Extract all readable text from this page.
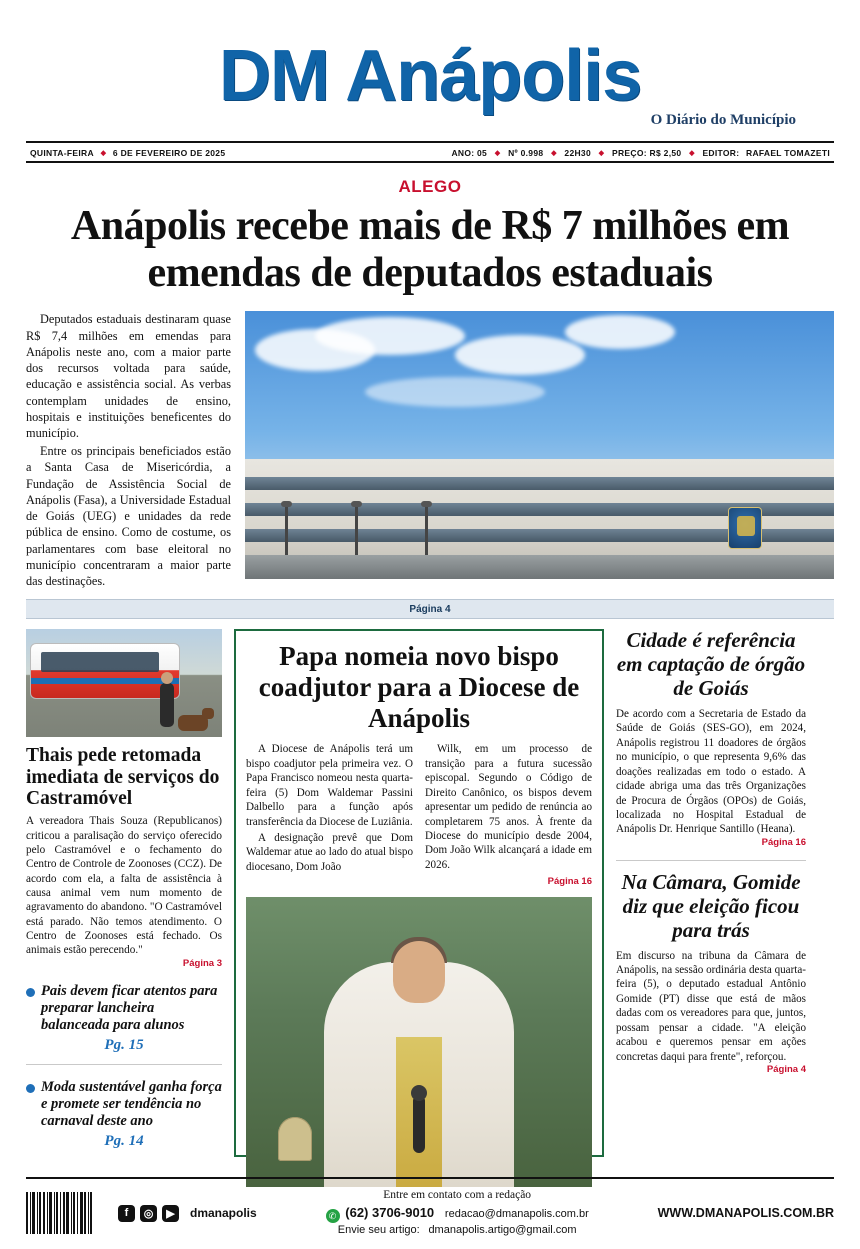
DM Anápolis
O Diário do Município
QUINTA-FEIRA ◆ 6 DE FEVEREIRO DE 2025	ANO: 05 ◆ Nº 0.998 ◆ 22H30 ◆ PREÇO: R$ 2,50 ◆ EDITOR: RAFAEL TOMAZETI
ALEGO
Anápolis recebe mais de R$ 7 milhões em emendas de deputados estaduais

Deputados estaduais destinaram quase R$ 7,4 milhões em emendas para Anápolis neste ano, com a maior parte dos recursos voltada para saúde, educação e assistência social. As verbas contemplam unidades de ensino, hospitais e instituições beneficentes do município.

Entre os principais beneficiados estão a Santa Casa de Misericórdia, a Fundação de Assistência Social de Anápolis (Fasa), a Universidade Estadual de Goiás (UEG) e unidades da rede pública de ensino. Como de costume, os parlamentares com base eleitoral no município concentraram a maior parte das destinações.

Página 4
Thais pede retomada imediata de serviços do Castramóvel
A vereadora Thais Souza (Republicanos) criticou a paralisação do serviço oferecido pelo Castramóvel e o fechamento do Centro de Controle de Zoonoses (CCZ). De acordo com ela, a falta de assistência à causa animal vem num momento de agravamento do abandono. "O Castramóvel está parado. Não temos atendimento. O Centro de Zoonoses está fechado. Os animais estão perecendo."
Página 3
Pais devem ficar atentos para preparar lancheira balanceada para alunos
Pg. 15
Moda sustentável ganha força e promete ser tendência no carnaval deste ano
Pg. 14
Papa nomeia novo bispo coadjutor para a Diocese de Anápolis

A Diocese de Anápolis terá um bispo coadjutor pela primeira vez. O Papa Francisco nomeou nesta quarta-feira (5) Dom Waldemar Passini Dalbello para a função após transferência da Diocese de Luziânia.

A designação prevê que Dom Waldemar atue ao lado do atual bispo diocesano, Dom João

Wilk, em um processo de transição para a futura sucessão episcopal. Segundo o Código de Direito Canônico, os bispos devem apresentar um pedido de renúncia ao completarem 75 anos. À frente da Diocese do município desde 2004, Dom João Wilk alcançará a idade em 2026.

Página 16
Cidade é referência em captação de órgão de Goiás
De acordo com a Secretaria de Estado da Saúde de Goiás (SES-GO), em 2024, Anápolis registrou 11 doadores de órgãos no município, o que representa 9,6% das doações realizadas em todo o estado. A cidade abriga uma das três Organizações de Procura de Órgãos (OPOs) de Goiás, localizada no Hospital Estadual de Anápolis Dr. Henrique Santillo (Heana).
Página 16
Na Câmara, Gomide diz que eleição ficou para trás
Em discurso na tribuna da Câmara de Anápolis, na sessão ordinária desta quarta-feira (5), o deputado estadual Antônio Gomide (PT) disse que está de mãos dadas com os vereadores para que, juntos, possam pensar a cidade. "A eleição acabou e queremos pensar em ações concretas daqui para frente", reforçou.
Página 4
f	◎	▶	dmanapolis
Entre em contato com a redação
✆ (62) 3706-9010 redacao@dmanapolis.com.br
Envie seu artigo: dmanapolis.artigo@gmail.com
WWW.DMANAPOLIS.COM.BR
